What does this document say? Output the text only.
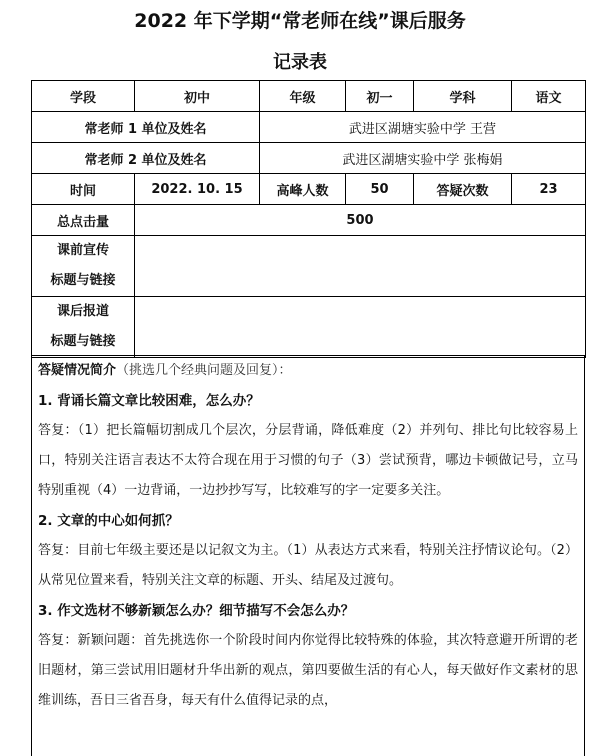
2022 年下学期“常老师在线”课后服务
记录表
学段	初中	年级	初一	学科	语文
常老师 1 单位及姓名		武进区湖塘实验中学 王营			
常老师 2 单位及姓名		武进区湖塘实验中学 张梅娟			
时间	2022. 10. 15	高峰人数	50	答疑次数	23
总点击量	500				

课前宣传
标题与链接					

课后报道
标题与链接					

答疑情况简介（挑选几个经典问题及回复）：

1. 背诵长篇文章比较困难，怎么办？

答复：（1）把长篇幅切割成几个层次，分层背诵，降低难度（2）并列句、排比句比较容易上口，特别关注语言表达不太符合现在用于习惯的句子（3）尝试预背，哪边卡顿做记号，立马特别重视（4）一边背诵，一边抄抄写写，比较难写的字一定要多关注。

2. 文章的中心如何抓？

答复：目前七年级主要还是以记叙文为主。（1）从表达方式来看，特别关注抒情议论句。（2）从常见位置来看，特别关注文章的标题、开头、结尾及过渡句。

3. 作文选材不够新颖怎么办？细节描写不会怎么办？

答复：新颖问题：首先挑选你一个阶段时间内你觉得比较特殊的体验，其次特意避开所谓的老旧题材，第三尝试用旧题材升华出新的观点，第四要做生活的有心人，每天做好作文素材的思维训练，吾日三省吾身，每天有什么值得记录的点，
